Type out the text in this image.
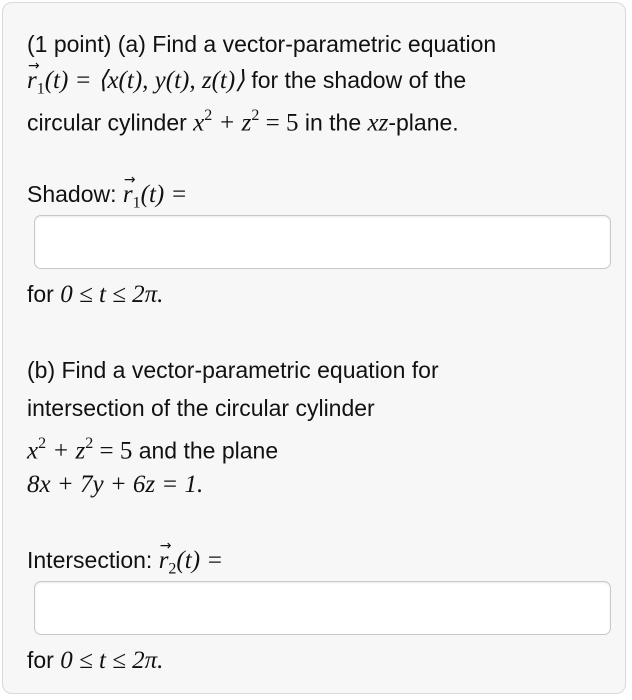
(1 point) (a) Find a vector-parametric equation
→ $r_1(t)$ = ⟨x(t), y(t), z(t)⟩ for the shadow of the
circular cylinder $x^2 + z^2 = 5$ in the xz-plane.
Shadow: → $r_1(t)$ =
for 0 ≤ t ≤ 2π.
(b) Find a vector-parametric equation for
intersection of the circular cylinder
$x^2 + z^2 = 5$ and the plane
8x + 7y + 6z = 1.
Intersection: → $r_2(t)$ =
for 0 ≤ t ≤ 2π.
